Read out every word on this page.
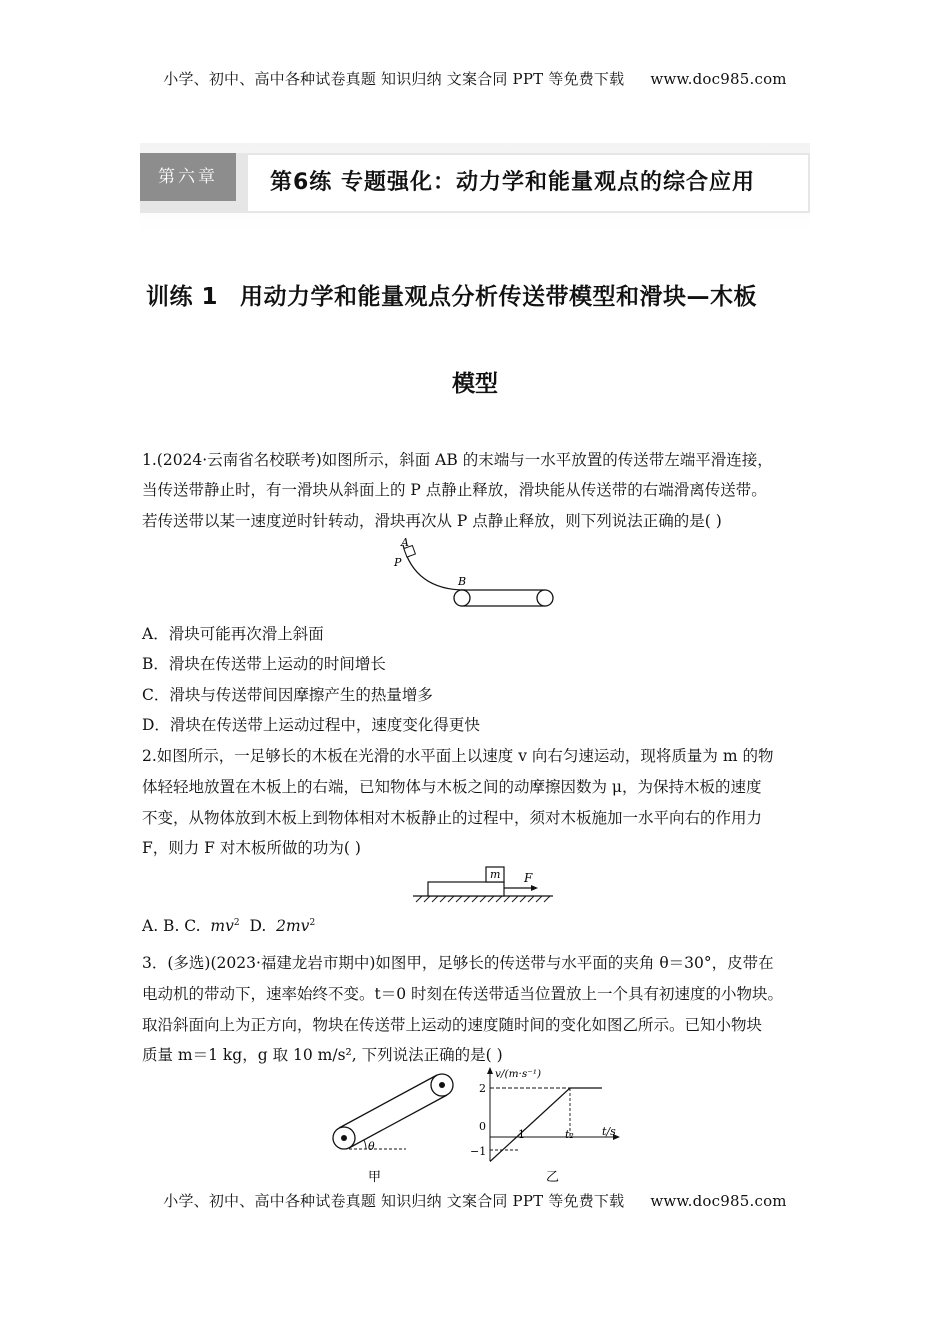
小学、初中、高中各种试卷真题 知识归纳 文案合同 PPT 等免费下载 www.doc985.com
第六章	第6练 专题强化：动力学和能量观点的综合应用
训练 1 用动力学和能量观点分析传送带模型和滑块—木板
模型
1.(2024·云南省名校联考)如图所示，斜面 AB 的末端与一水平放置的传送带左端平滑连接，
当传送带静止时，有一滑块从斜面上的 P 点静止释放，滑块能从传送带的右端滑离传送带。
若传送带以某一速度逆时针转动，滑块再次从 P 点静止释放，则下列说法正确的是( )
A
P
B
A．滑块可能再次滑上斜面
B．滑块在传送带上运动的时间增长
C．滑块与传送带间因摩擦产生的热量增多
D．滑块在传送带上运动过程中，速度变化得更快
2.如图所示，一足够长的木板在光滑的水平面上以速度 v 向右匀速运动，现将质量为 m 的物
体轻轻地放置在木板上的右端，已知物体与木板之间的动摩擦因数为 μ，为保持木板的速度
不变，从物体放到木板上到物体相对木板静止的过程中，须对木板施加一水平向右的作用力
F，则力 F 对木板所做的功为( )
m F
A. B. C. $mv^2$ D. $2mv^2$
3．(多选)(2023·福建龙岩市期中)如图甲，足够长的传送带与水平面的夹角 θ＝30°，皮带在
电动机的带动下，速率始终不变。t＝0 时刻在传送带适当位置放上一个具有初速度的小物块。
取沿斜面向上为正方向，物块在传送带上运动的速度随时间的变化如图乙所示。已知小物块
质量 m＝1 kg，g 取 10 m/s², 下列说法正确的是( )
θ
甲
v/(m·s⁻¹)
t/s
2
0
−1
1	t₂
乙
小学、初中、高中各种试卷真题 知识归纳 文案合同 PPT 等免费下载 www.doc985.com
